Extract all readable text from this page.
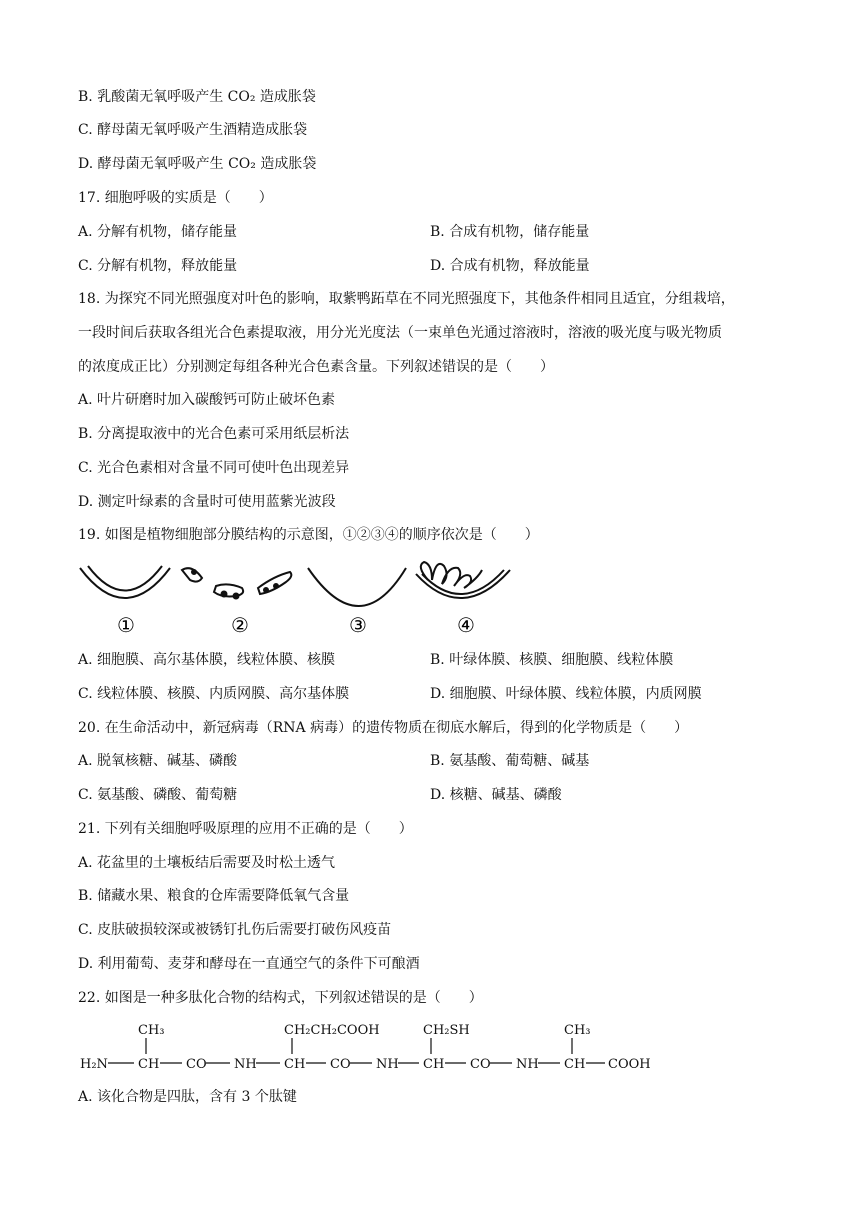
B. 乳酸菌无氧呼吸产生 CO₂ 造成胀袋
C. 酵母菌无氧呼吸产生酒精造成胀袋
D. 酵母菌无氧呼吸产生 CO₂ 造成胀袋
17. 细胞呼吸的实质是（　　）
A. 分解有机物，储存能量	B. 合成有机物，储存能量
C. 分解有机物，释放能量	D. 合成有机物，释放能量
18. 为探究不同光照强度对叶色的影响，取紫鸭跖草在不同光照强度下，其他条件相同且适宜，分组栽培，
一段时间后获取各组光合色素提取液，用分光光度法（一束单色光通过溶液时，溶液的吸光度与吸光物质
的浓度成正比）分别测定每组各种光合色素含量。下列叙述错误的是（　　）
A. 叶片研磨时加入碳酸钙可防止破坏色素
B. 分离提取液中的光合色素可采用纸层析法
C. 光合色素相对含量不同可使叶色出现差异
D. 测定叶绿素的含量时可使用蓝紫光波段
19. 如图是植物细胞部分膜结构的示意图，①②③④的顺序依次是（　　）
①	②	③	④
A. 细胞膜、高尔基体膜，线粒体膜、核膜	B. 叶绿体膜、核膜、细胞膜、线粒体膜
C. 线粒体膜、核膜、内质网膜、高尔基体膜	D. 细胞膜、叶绿体膜、线粒体膜，内质网膜
20. 在生命活动中，新冠病毒（RNA 病毒）的遗传物质在彻底水解后，得到的化学物质是（　　）
A. 脱氧核糖、碱基、磷酸	B. 氨基酸、葡萄糖、碱基
C. 氨基酸、磷酸、葡萄糖	D. 核糖、碱基、磷酸
21. 下列有关细胞呼吸原理的应用不正确的是（　　）
A. 花盆里的土壤板结后需要及时松土透气
B. 储藏水果、粮食的仓库需要降低氧气含量
C. 皮肤破损较深或被锈钉扎伤后需要打破伤风疫苗
D. 利用葡萄、麦芽和酵母在一直通空气的条件下可酿酒
22. 如图是一种多肽化合物的结构式，下列叙述错误的是（　　）
CH₃	CH₂CH₂COOH	CH₂SH	CH₃
H₂N CH CO NH CH CO NH CH CO NH CH COOH
A. 该化合物是四肽，含有 3 个肽键
